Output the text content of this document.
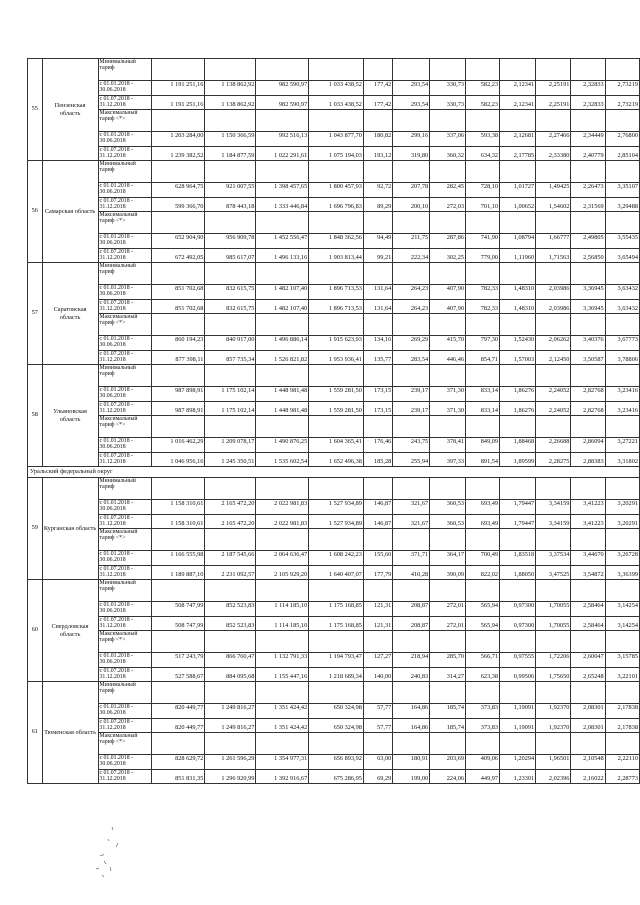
55	Пензенская область	Минимальный тариф												
		с 01.01.2018 - 30.06.2018	1 191 251,16	1 138 862,92	982 590,97	1 033 438,52	177,42	293,54	330,73	582,23	2,12341	2,25191	2,32833	2,73219
		с 01.07.2018 - 31.12.2018	1 191 251,16	1 138 862,92	982 590,97	1 033 438,52	177,42	293,54	330,73	582,23	2,12341	2,25191	2,32833	2,73219
		Максимальный тариф <*>												
		с 01.01.2018 - 30.06.2018	1 203 284,00	1 150 366,59	992 516,13	1 043 877,70	180,82	299,16	337,06	593,38	2,12681	2,27466	2,34449	2,76800
		с 01.07.2018 - 31.12.2018	1 239 382,52	1 184 877,59	1 022 291,61	1 075 194,03	193,12	319,80	360,32	634,32	2,17785	2,33380	2,40779	2,85104
56	Самарская область	Минимальный тариф												
		с 01.01.2018 - 30.06.2018	628 964,75	921 007,55	1 398 457,65	1 800 457,93	92,72	207,78	282,45	728,10	1,01727	1,49425	2,26473	3,35107
		с 01.07.2018 - 31.12.2018	599 366,70	878 443,18	1 333 446,84	1 696 796,83	89,29	200,10	272,03	701,10	1,00652	1,54602	2,31569	3,29488
		Максимальный тариф <*>												
		с 01.01.2018 - 30.06.2018	652 904,90	956 909,78	1 452 556,47	1 848 362,56	94,49	211,75	287,86	741,90	1,08794	1,66777	2,49805	3,55435
		с 01.07.2018 - 31.12.2018	672 492,05	985 617,07	1 496 133,16	1 903 813,44	99,21	222,34	302,25	779,00	1,11960	1,71563	2,56850	3,65494
57	Саратовская область	Минимальный тариф												
		с 01.01.2018 - 30.06.2018	851 702,68	832 615,75	1 482 107,40	1 896 713,53	131,64	264,23	407,90	782,33	1,48310	2,03986	3,36945	3,63432
		с 01.07.2018 - 31.12.2018	851 702,68	832 615,75	1 482 107,40	1 896 713,53	131,64	264,23	407,90	782,33	1,48310	2,03986	3,36945	3,63432
		Максимальный тариф <*>												
		с 01.01.2018 - 30.06.2018	860 194,23	840 917,00	1 496 886,14	1 915 623,93	134,16	269,29	415,70	797,30	1,52430	2,06262	3,40376	3,67773
		с 01.07.2018 - 31.12.2018	877 398,11	857 735,34	1 526 821,82	1 953 936,41	135,77	283,54	446,46	854,71	1,57003	2,12450	3,50587	3,78806
58	Ульяновская область	Минимальный тариф												
		с 01.01.2018 - 30.06.2018	987 898,91	1 175 102,14	1 448 981,48	1 559 281,50	173,15	239,17	371,30	833,14	1,86276	2,24052	2,82768	3,23416
		с 01.07.2018 - 31.12.2018	987 898,91	1 175 102,14	1 448 981,48	1 559 281,50	173,15	239,17	371,30	833,14	1,86276	2,24052	2,82768	3,23416
		Максимальный тариф <*>												
		с 01.01.2018 - 30.06.2018	1 016 462,29	1 209 078,17	1 490 876,25	1 604 365,41	176,46	243,75	378,41	849,09	1,88468	2,26688	2,86094	3,27221
		с 01.07.2018 - 31.12.2018	1 046 956,16	1 245 350,51	1 535 602,54	1 652 496,38	185,28	255,94	397,33	891,54	1,89599	2,28275	2,88383	3,31802
Уральский федеральный округ														
59	Курганская область	Минимальный тариф												
		с 01.01.2018 - 30.06.2018	1 158 310,61	2 165 472,20	2 022 981,83	1 527 934,89	146,87	321,67	360,53	693,49	1,79447	3,34159	3,41223	3,20291
		с 01.07.2018 - 31.12.2018	1 158 310,61	2 165 472,20	2 022 981,83	1 527 934,89	146,87	321,67	360,53	693,49	1,79447	3,34159	3,41223	3,20291
		Максимальный тариф <*>												
		с 01.01.2018 - 30.06.2018	1 166 555,98	2 187 545,66	2 064 636,47	1 608 242,23	155,60	371,71	364,17	700,49	1,83518	3,37534	3,44670	3,26728
		с 01.07.2018 - 31.12.2018	1 189 887,10	2 231 092,57	2 105 929,20	1 640 407,07	177,79	410,28	390,09	822,02	1,88050	3,47525	3,54872	3,36399
60	Свердловская область	Минимальный тариф												
		с 01.01.2018 - 30.06.2018	508 747,99	852 523,83	1 114 185,10	1 175 168,85	121,31	208,87	272,01	565,94	0,97300	1,70055	2,58464	3,14254
		с 01.07.2018 - 31.12.2018	508 747,99	852 523,83	1 114 185,10	1 175 168,85	121,31	208,87	272,01	565,94	0,97300	1,70055	2,58464	3,14254
		Максимальный тариф <*>												
		с 01.01.2018 - 30.06.2018	517 243,79	866 760,47	1 132 791,33	1 194 793,47	127,27	218,94	285,70	566,71	0,97555	1,72206	2,60047	3,15785
		с 01.07.2018 - 31.12.2018	527 588,67	884 095,68	1 155 447,16	1 218 689,34	140,00	240,83	314,27	623,38	0,99506	1,75650	2,65248	3,22101
61	Тюменская область	Минимальный тариф												
		с 01.01.2018 - 30.06.2018	820 449,77	1 249 816,27	1 351 424,42	650 324,98	57,77	164,86	185,74	373,83	1,19091	1,92370	2,08301	2,17838
		с 01.07.2018 - 31.12.2018	820 449,77	1 249 816,27	1 351 424,42	650 324,98	57,77	164,86	185,74	373,83	1,19091	1,92370	2,08301	2,17838
		Максимальный тариф <*>												
		с 01.01.2018 - 30.06.2018	828 629,72	1 261 596,29	1 354 977,31	656 893,92	63,00	180,91	203,69	409,06	1,20294	1,96501	2,10548	2,22110
		с 01.07.2018 - 31.12.2018	851 831,35	1 296 920,99	1 392 916,67	675 286,95	69,29	199,00	224,06	449,97	1,23301	2,02396	2,16022	2,28773
